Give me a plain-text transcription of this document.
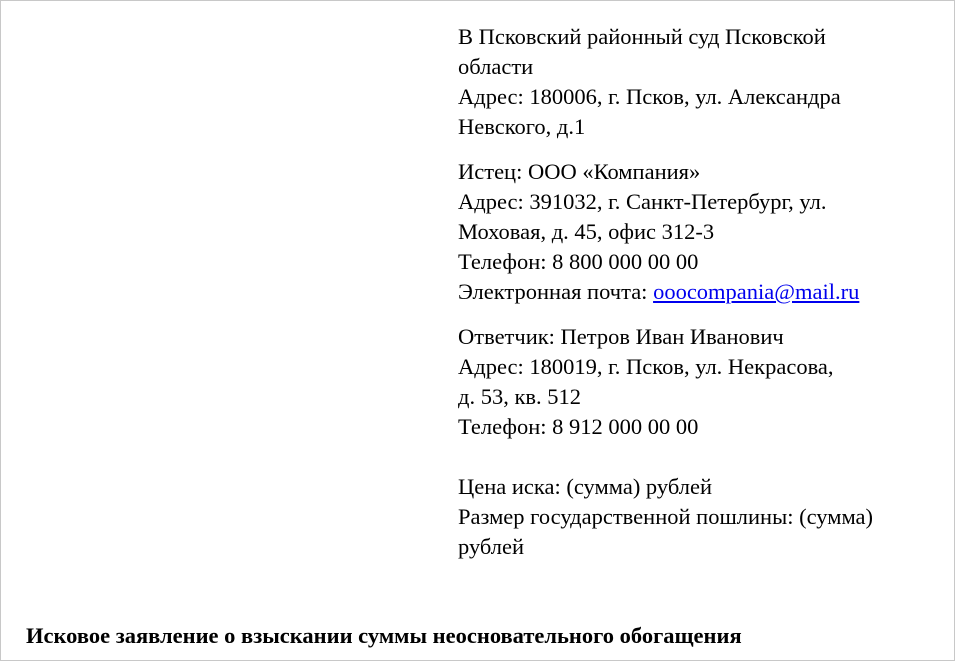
В Псковский районный суд Псковской
области
Адрес: 180006, г. Псков, ул. Александра
Невского, д.1

Истец: ООО «Компания»
Адрес: 391032, г. Санкт-Петербург, ул.
Моховая, д. 45, офис 312-3
Телефон: 8 800 000 00 00
Электронная почта: ooocompania@mail.ru

Ответчик: Петров Иван Иванович
Адрес: 180019, г. Псков, ул. Некрасова,
д. 53, кв. 512
Телефон: 8 912 000 00 00
Цена иска: (сумма) рублей
Размер государственной пошлины: (сумма)
рублей

Исковое заявление о взыскании суммы неосновательного обогащения
